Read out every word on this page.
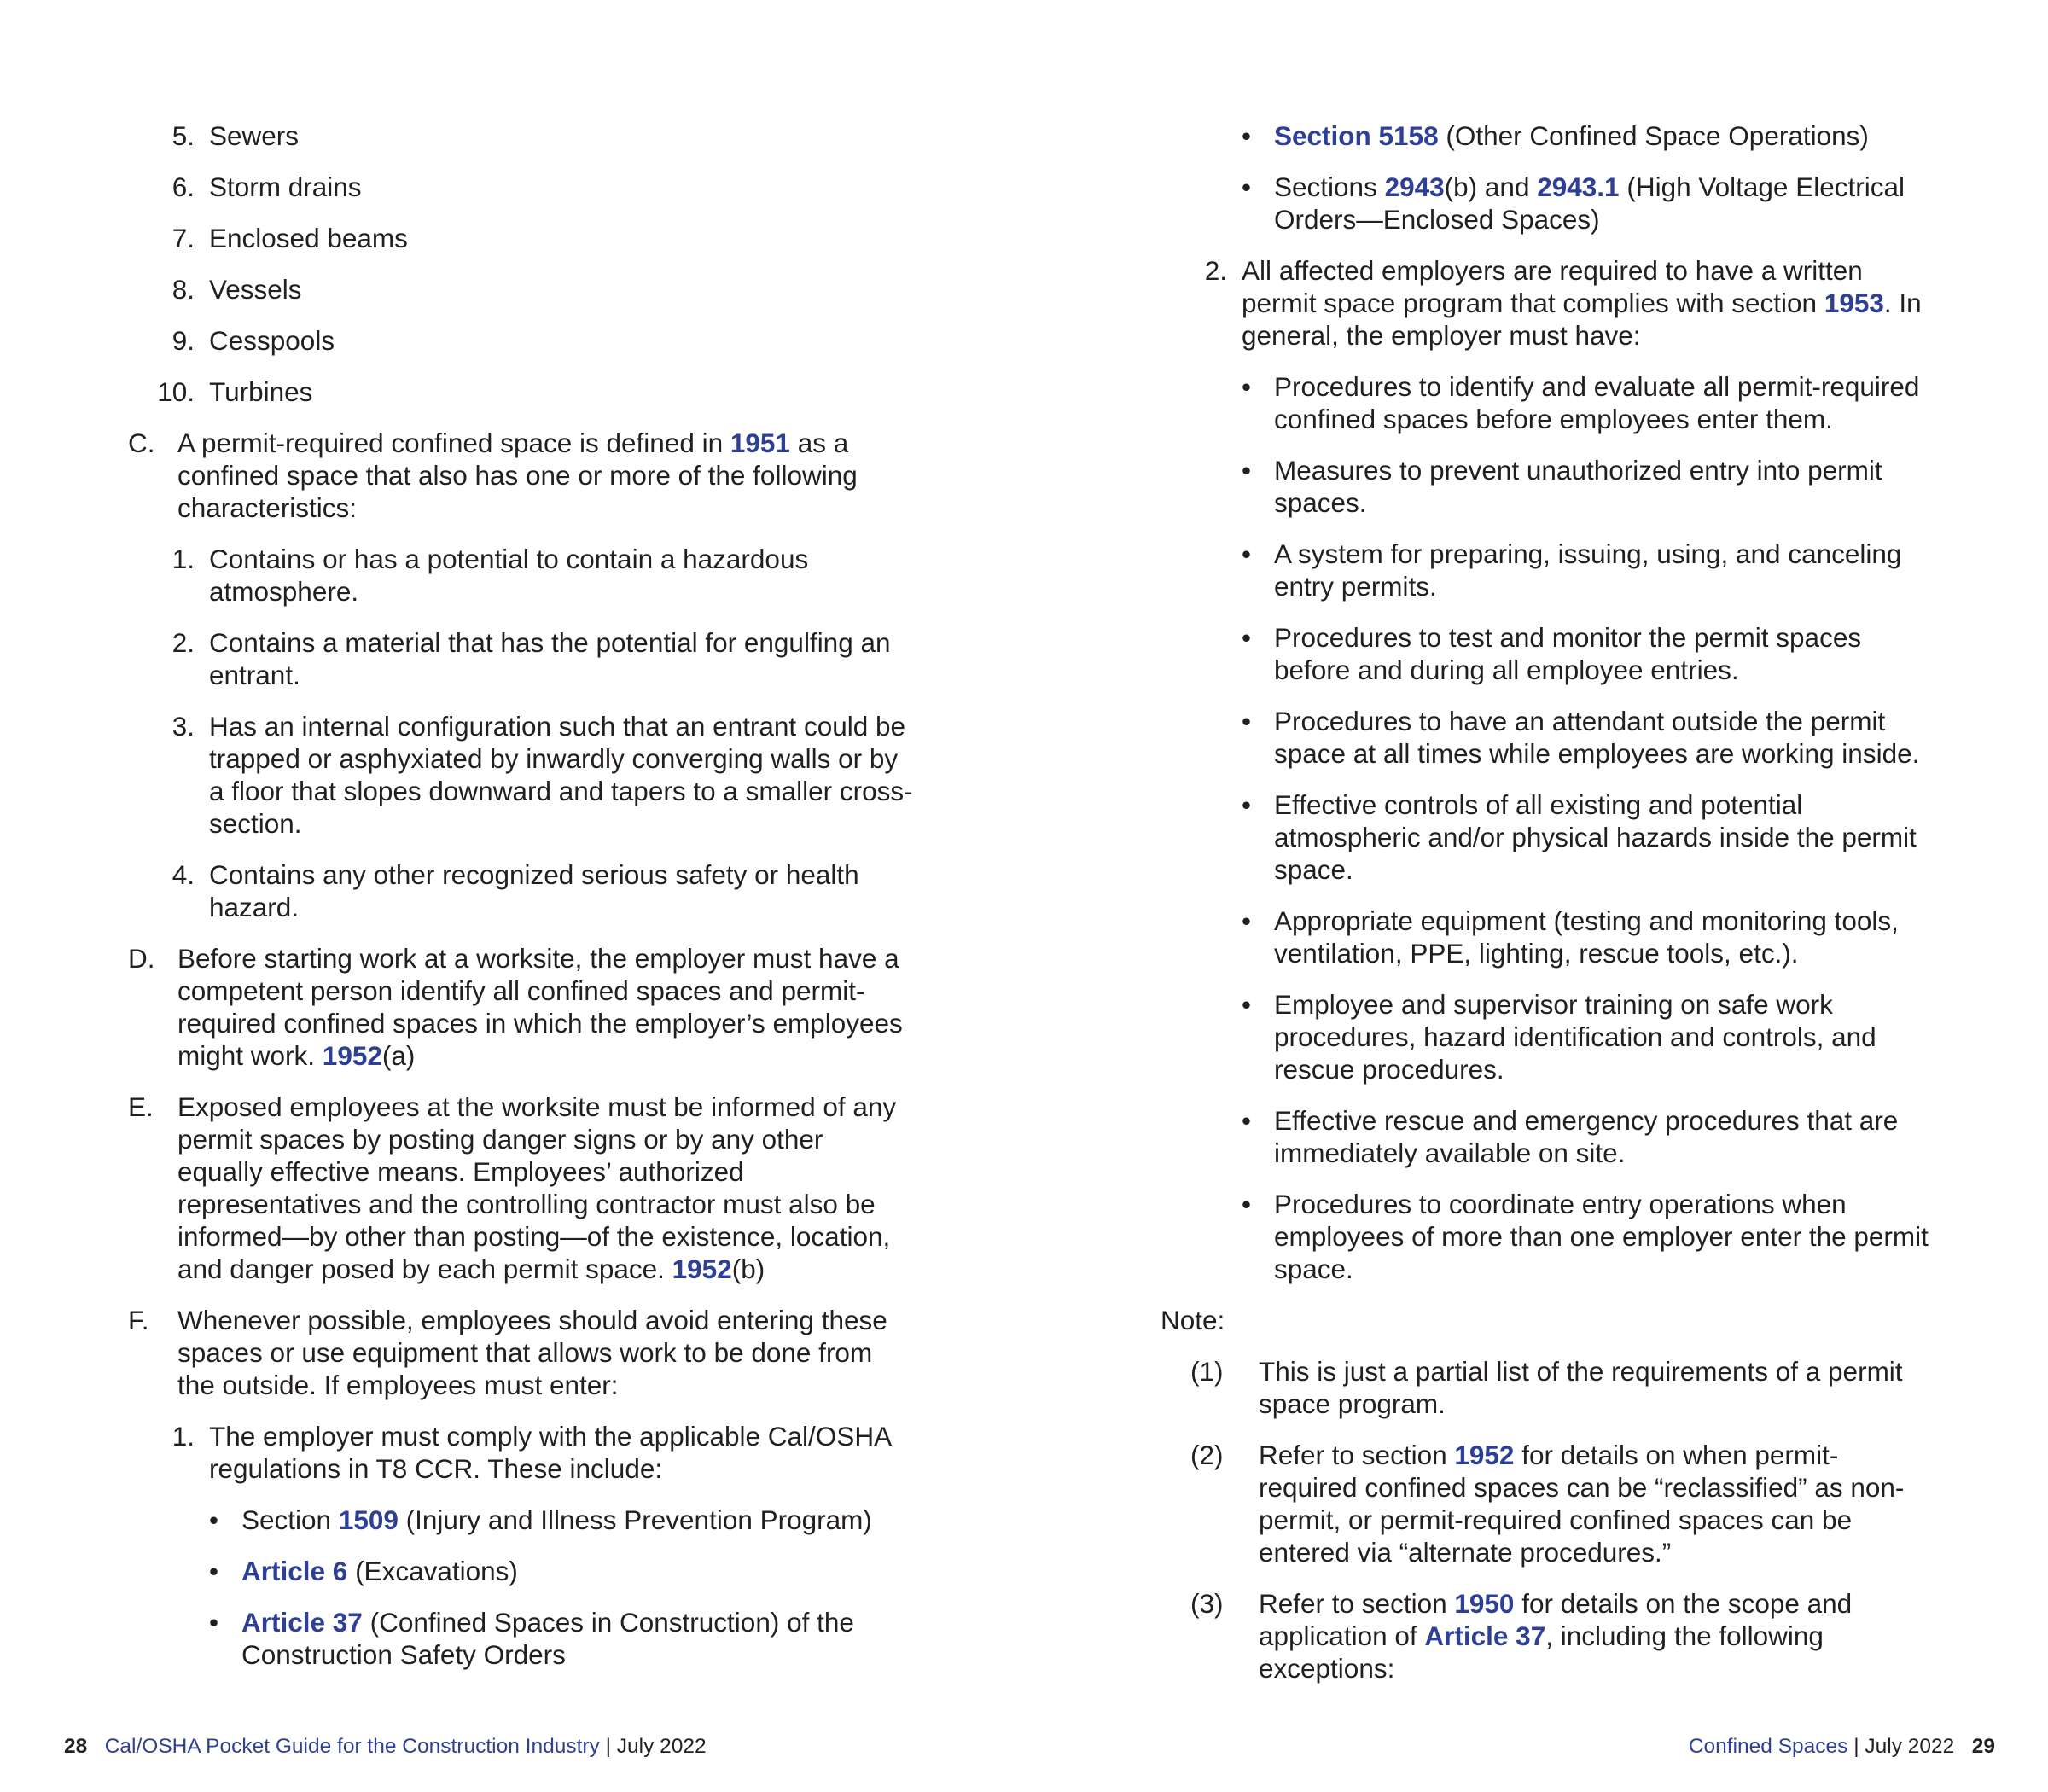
5. Sewers
6. Storm drains
7. Enclosed beams
8. Vessels
9. Cesspools
10. Turbines
C. A permit-required confined space is defined in 1951 as a confined space that also has one or more of the following characteristics:
1. Contains or has a potential to contain a hazardous atmosphere.
2. Contains a material that has the potential for engulfing an entrant.
3. Has an internal configuration such that an entrant could be trapped or asphyxiated by inwardly converging walls or by a floor that slopes downward and tapers to a smaller cross-section.
4. Contains any other recognized serious safety or health hazard.
D. Before starting work at a worksite, the employer must have a competent person identify all confined spaces and permit-required confined spaces in which the employer’s employees might work. 1952(a)
E. Exposed employees at the worksite must be informed of any permit spaces by posting danger signs or by any other equally effective means. Employees’ authorized representatives and the controlling contractor must also be informed—by other than posting—of the existence, location, and danger posed by each permit space. 1952(b)
F.	Whenever possible, employees should avoid entering these spaces or use equipment that allows work to be done from the outside. If employees must enter:
1. The employer must comply with the applicable Cal/OSHA regulations in T8 CCR. These include:
• Section 1509 (Injury and Illness Prevention Program)
• Article 6 (Excavations)
• Article 37 (Confined Spaces in Construction) of the Construction Safety Orders
• Section 5158 (Other Confined Space Operations)
• Sections 2943(b) and 2943.1 (High Voltage Electrical Orders—Enclosed Spaces)
2. All affected employers are required to have a written permit space program that complies with section 1953. In general, the employer must have:
• Procedures to identify and evaluate all permit-required confined spaces before employees enter them.
• Measures to prevent unauthorized entry into permit spaces.
• A system for preparing, issuing, using, and canceling entry permits.
• Procedures to test and monitor the permit spaces before and during all employee entries.
• Procedures to have an attendant outside the permit space at all times while employees are working inside.
• Effective controls of all existing and potential atmospheric and/or physical hazards inside the permit space.
• Appropriate equipment (testing and monitoring tools, ventilation, PPE, lighting, rescue tools, etc.).
• Employee and supervisor training on safe work procedures, hazard identification and controls, and rescue procedures.
• Effective rescue and emergency procedures that are immediately available on site.
• Procedures to coordinate entry operations when employees of more than one employer enter the permit space.
Note:
(1)	This is just a partial list of the requirements of a permit space program.
(2)	Refer to section 1952 for details on when permit-required confined spaces can be “reclassified” as non-permit, or permit-required confined spaces can be entered via “alternate procedures.”
(3)	Refer to section 1950 for details on the scope and application of Article 37, including the following exceptions:
28 Cal/OSHA Pocket Guide for the Construction Industry | July 2022	Confined Spaces | July 2022 29
